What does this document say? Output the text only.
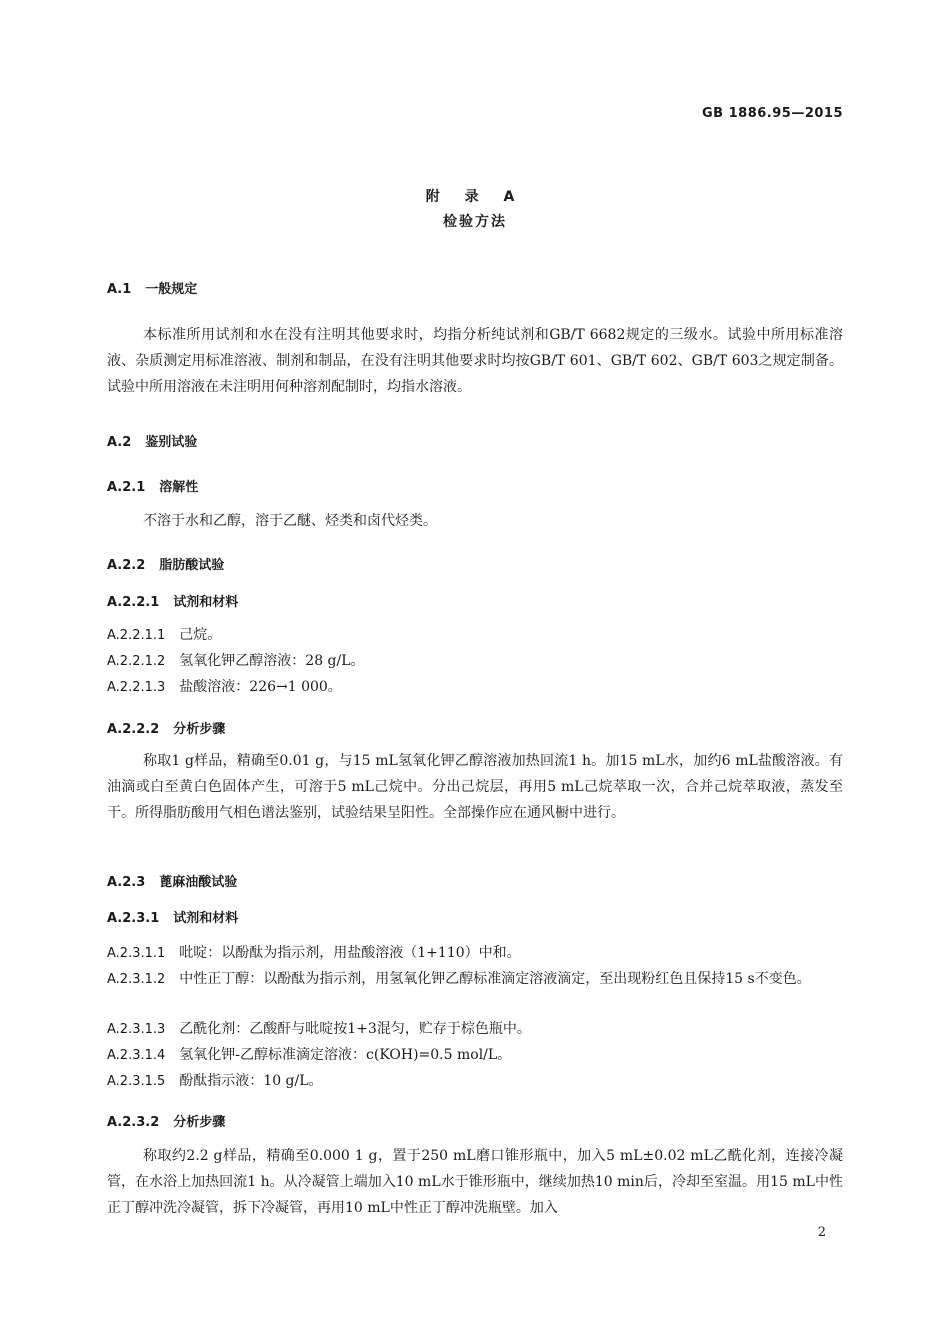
GB 1886.95—2015
附 录 A
检验方法
A.1 一般规定
本标准所用试剂和水在没有注明其他要求时，均指分析纯试剂和GB/T 6682规定的三级水。试验中所用标准溶液、杂质测定用标准溶液、制剂和制品，在没有注明其他要求时均按GB/T 601、GB/T 602、GB/T 603之规定制备。试验中所用溶液在未注明用何种溶剂配制时，均指水溶液。
A.2 鉴别试验
A.2.1 溶解性
不溶于水和乙醇，溶于乙醚、烃类和卤代烃类。
A.2.2 脂肪酸试验
A.2.2.1 试剂和材料
A.2.2.1.1 己烷。
A.2.2.1.2 氢氧化钾乙醇溶液：28 g/L。
A.2.2.1.3 盐酸溶液：226→1 000。
A.2.2.2 分析步骤
称取1 g样品，精确至0.01 g，与15 mL氢氧化钾乙醇溶液加热回流1 h。加15 mL水，加约6 mL盐酸溶液。有油滴或白至黄白色固体产生，可溶于5 mL己烷中。分出己烷层，再用5 mL己烷萃取一次，合并己烷萃取液，蒸发至干。所得脂肪酸用气相色谱法鉴别，试验结果呈阳性。全部操作应在通风橱中进行。
A.2.3 蓖麻油酸试验
A.2.3.1 试剂和材料
A.2.3.1.1 吡啶：以酚酞为指示剂，用盐酸溶液（1+110）中和。
A.2.3.1.2 中性正丁醇：以酚酞为指示剂，用氢氧化钾乙醇标准滴定溶液滴定，至出现粉红色且保持15 s不变色。
A.2.3.1.3 乙酰化剂：乙酸酐与吡啶按1+3混匀，贮存于棕色瓶中。
A.2.3.1.4 氢氧化钾-乙醇标准滴定溶液：c(KOH)=0.5 mol/L。
A.2.3.1.5 酚酞指示液：10 g/L。
A.2.3.2 分析步骤
称取约2.2 g样品，精确至0.000 1 g，置于250 mL磨口锥形瓶中，加入5 mL±0.02 mL乙酰化剂，连接冷凝管，在水浴上加热回流1 h。从冷凝管上端加入10 mL水于锥形瓶中，继续加热10 min后，冷却至室温。用15 mL中性正丁醇冲洗冷凝管，拆下冷凝管，再用10 mL中性正丁醇冲洗瓶壁。加入
2
